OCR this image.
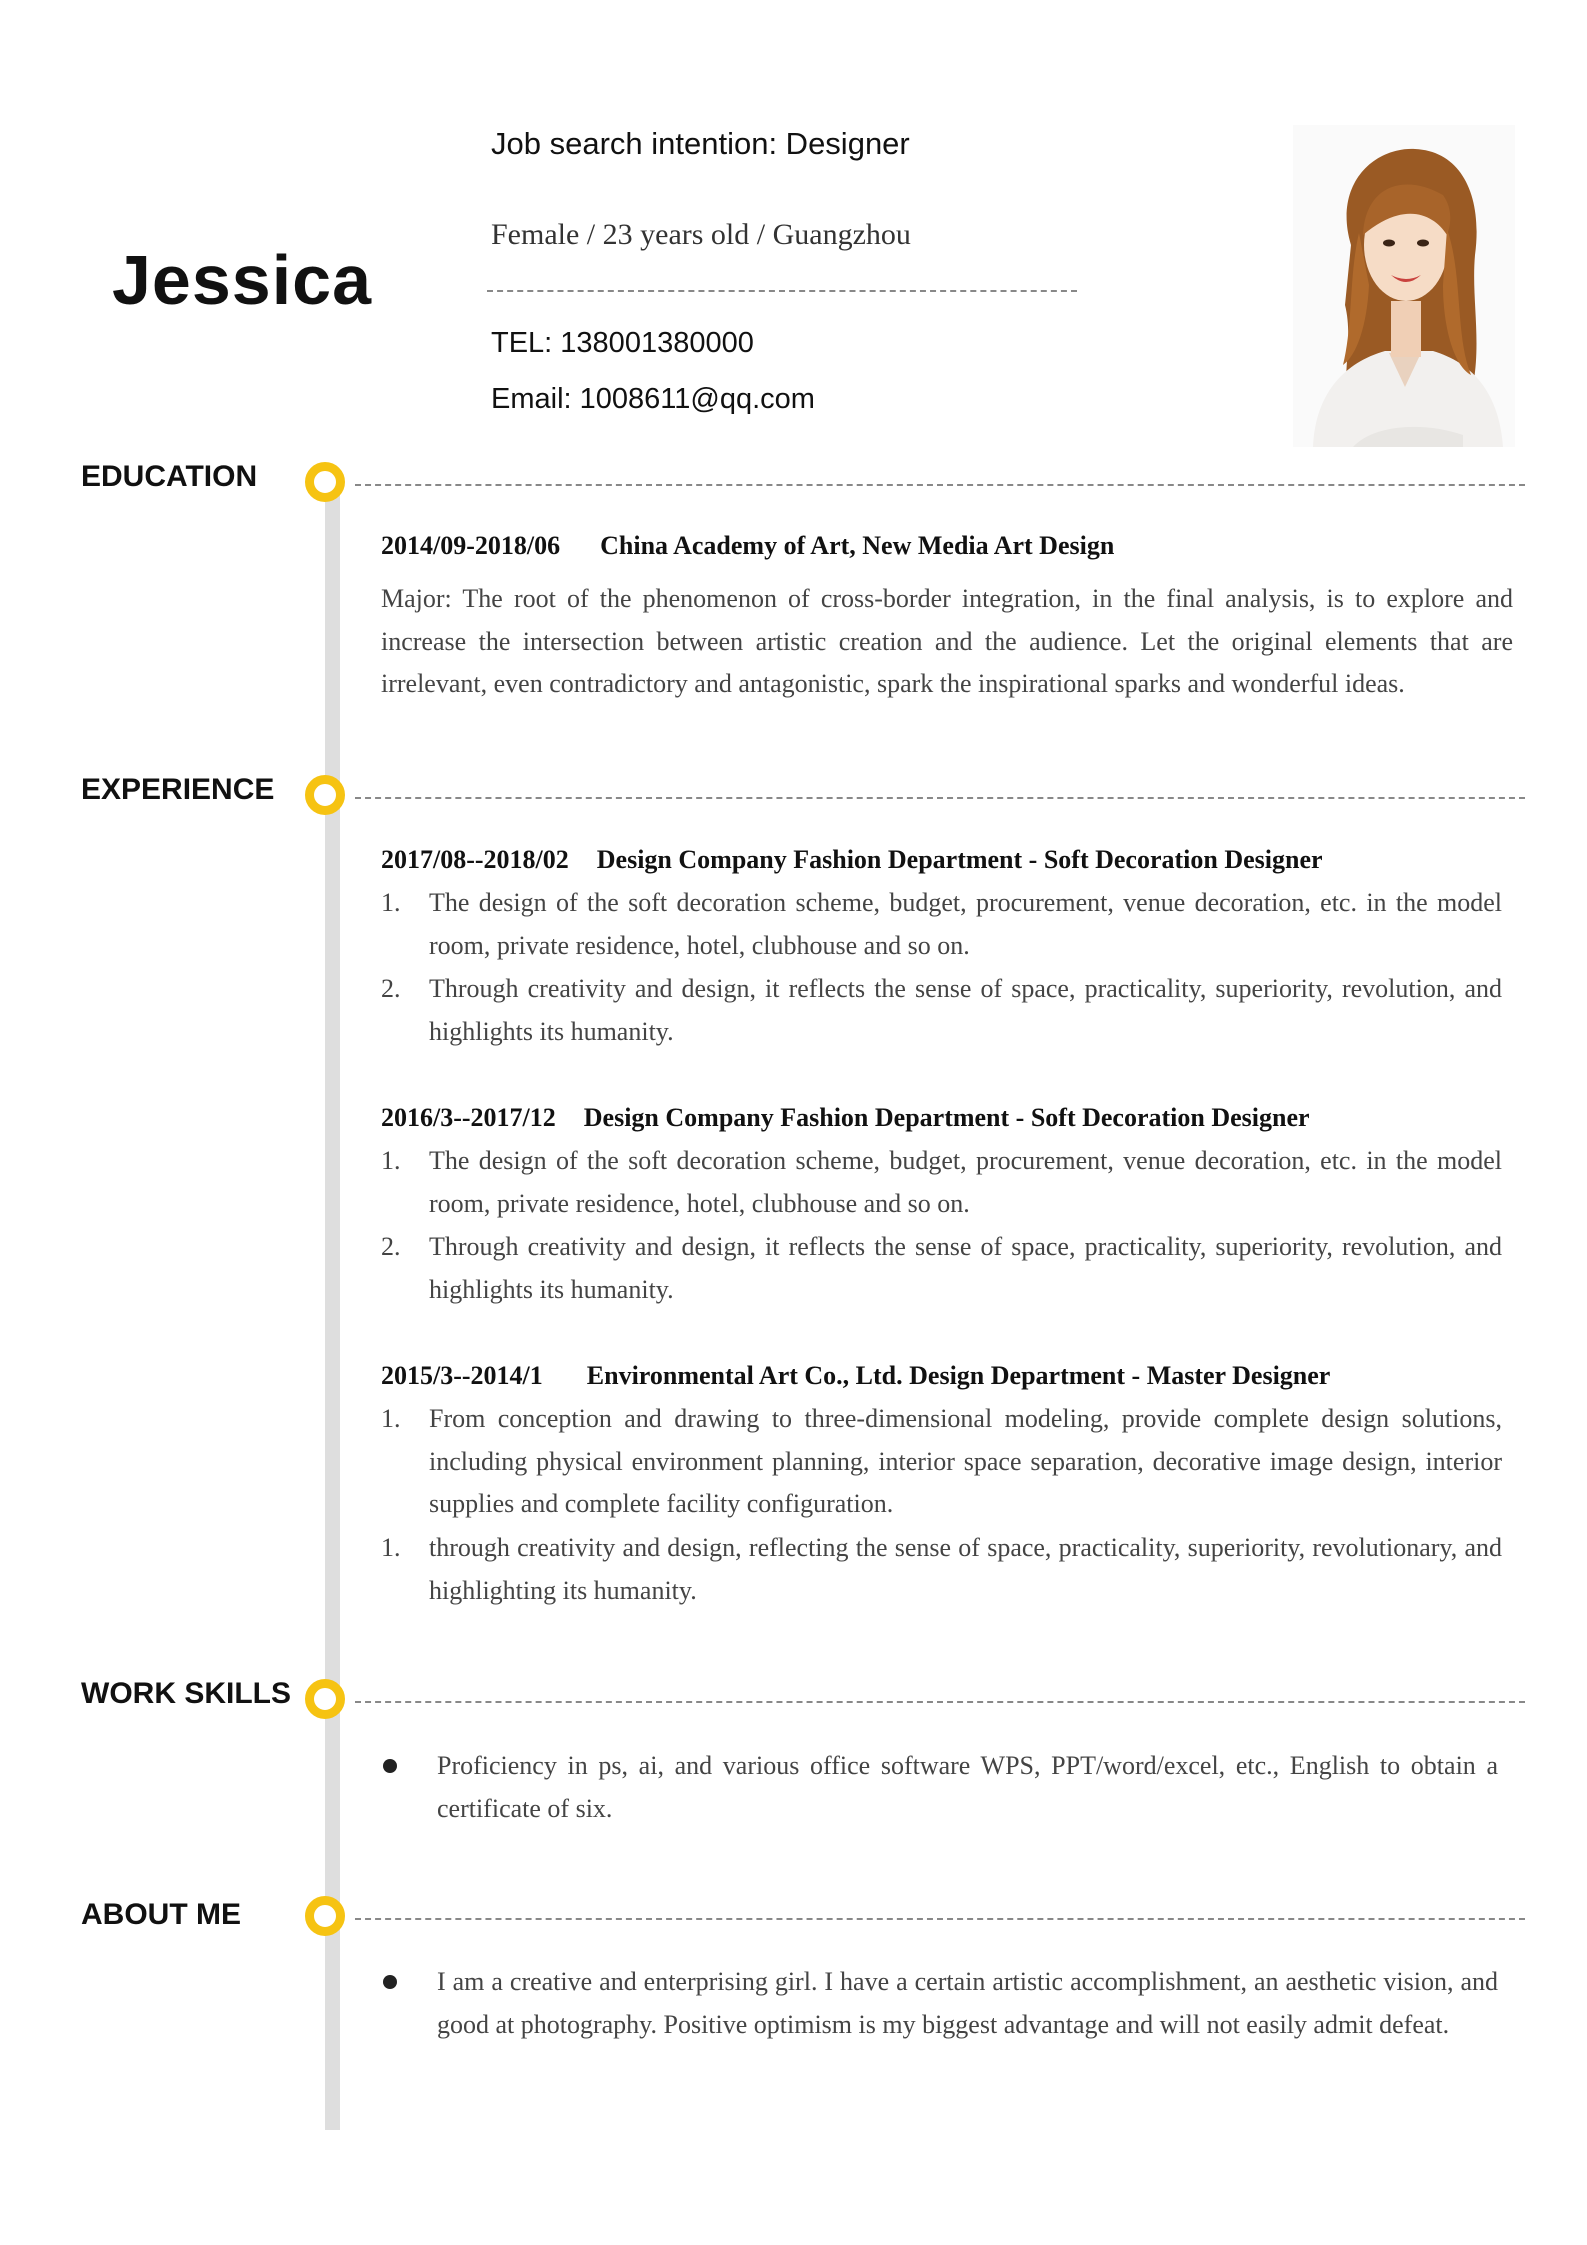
Jessica
Job search intention: Designer
Female / 23 years old / Guangzhou
TEL: 138001380000
Email: 1008611@qq.com
EDUCATION
2014/09-2018/06 China Academy of Art, New Media Art Design
Major: The root of the phenomenon of cross-border integration, in the final analysis, is to explore and increase the intersection between artistic creation and the audience. Let the original elements that are irrelevant, even contradictory and antagonistic, spark the inspirational sparks and wonderful ideas.
EXPERIENCE
2017/08--2018/02 Design Company Fashion Department - Soft Decoration Designer
1. The design of the soft decoration scheme, budget, procurement, venue decoration, etc. in the model room, private residence, hotel, clubhouse and so on.
2. Through creativity and design, it reflects the sense of space, practicality, superiority, revolution, and highlights its humanity.
2016/3--2017/12 Design Company Fashion Department - Soft Decoration Designer
1. The design of the soft decoration scheme, budget, procurement, venue decoration, etc. in the model room, private residence, hotel, clubhouse and so on.
2. Through creativity and design, it reflects the sense of space, practicality, superiority, revolution, and highlights its humanity.
2015/3--2014/1 Environmental Art Co., Ltd. Design Department - Master Designer
1. From conception and drawing to three-dimensional modeling, provide complete design solutions, including physical environment planning, interior space separation, decorative image design, interior supplies and complete facility configuration.
1. through creativity and design, reflecting the sense of space, practicality, superiority, revolutionary, and highlighting its humanity.
WORK SKILLS
Proficiency in ps, ai, and various office software WPS, PPT/word/excel, etc., English to obtain a certificate of six.
ABOUT ME
I am a creative and enterprising girl. I have a certain artistic accomplishment, an aesthetic vision, and good at photography. Positive optimism is my biggest advantage and will not easily admit defeat.
